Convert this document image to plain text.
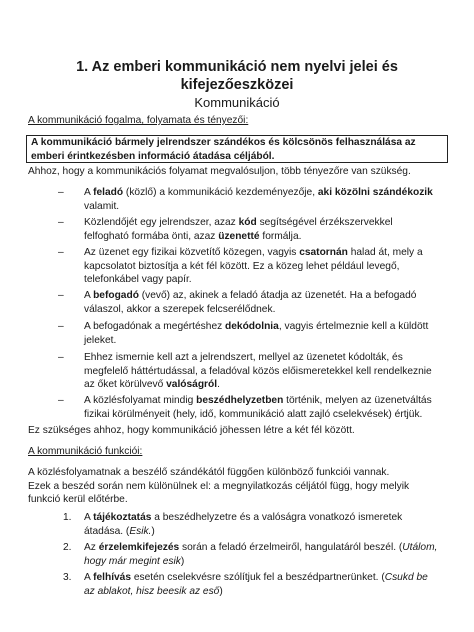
1. Az emberi kommunikáció nem nyelvi jelei és
kifejezőeszközei
Kommunikáció
A kommunikáció fogalma, folyamata és tényezői:
A kommunikáció bármely jelrendszer szándékos és kölcsönös felhasználása az
emberi érintkezésben információ átadása céljából.
Ahhoz, hogy a kommunikációs folyamat megvalósuljon, több tényezőre van szükség.
– A feladó (közlő) a kommunikáció kezdeményezője, aki közölni szándékozik
valamit.
– Közlendőjét egy jelrendszer, azaz kód segítségével érzékszervekkel
felfogható formába önti, azaz üzenetté formálja.
– Az üzenet egy fizikai közvetítő közegen, vagyis csatornán halad át, mely a
kapcsolatot biztosítja a két fél között. Ez a közeg lehet például levegő,
telefonkábel vagy papír.
– A befogadó (vevő) az, akinek a feladó átadja az üzenetét. Ha a befogadó
válaszol, akkor a szerepek felcserélődnek.
– A befogadónak a megértéshez dekódolnia, vagyis értelmeznie kell a küldött
jeleket.
– Ehhez ismernie kell azt a jelrendszert, mellyel az üzenetet kódolták, és
megfelelő háttértudással, a feladóval közös előismeretekkel kell rendelkeznie
az őket körülvevő valóságról.
– A közlésfolyamat mindig beszédhelyzetben történik, melyen az üzenetváltás
fizikai körülményeit (hely, idő, kommunikáció alatt zajló cselekvések) értjük.
Ez szükséges ahhoz, hogy kommunikáció jöhessen létre a két fél között.
A kommunikáció funkciói:
A közlésfolyamatnak a beszélő szándékától függően különböző funkciói vannak.
Ezek a beszéd során nem különülnek el: a megnyilatkozás céljától függ, hogy melyik
funkció kerül előtérbe.
1. A tájékoztatás a beszédhelyzetre és a valóságra vonatkozó ismeretek
átadása. (Esik.)
2. Az érzelemkifejezés során a feladó érzelmeiről, hangulatáról beszél. (Utálom,
hogy már megint esik)
3. A felhívás esetén cselekvésre szólítjuk fel a beszédpartnerünket. (Csukd be
az ablakot, hisz beesik az eső)
